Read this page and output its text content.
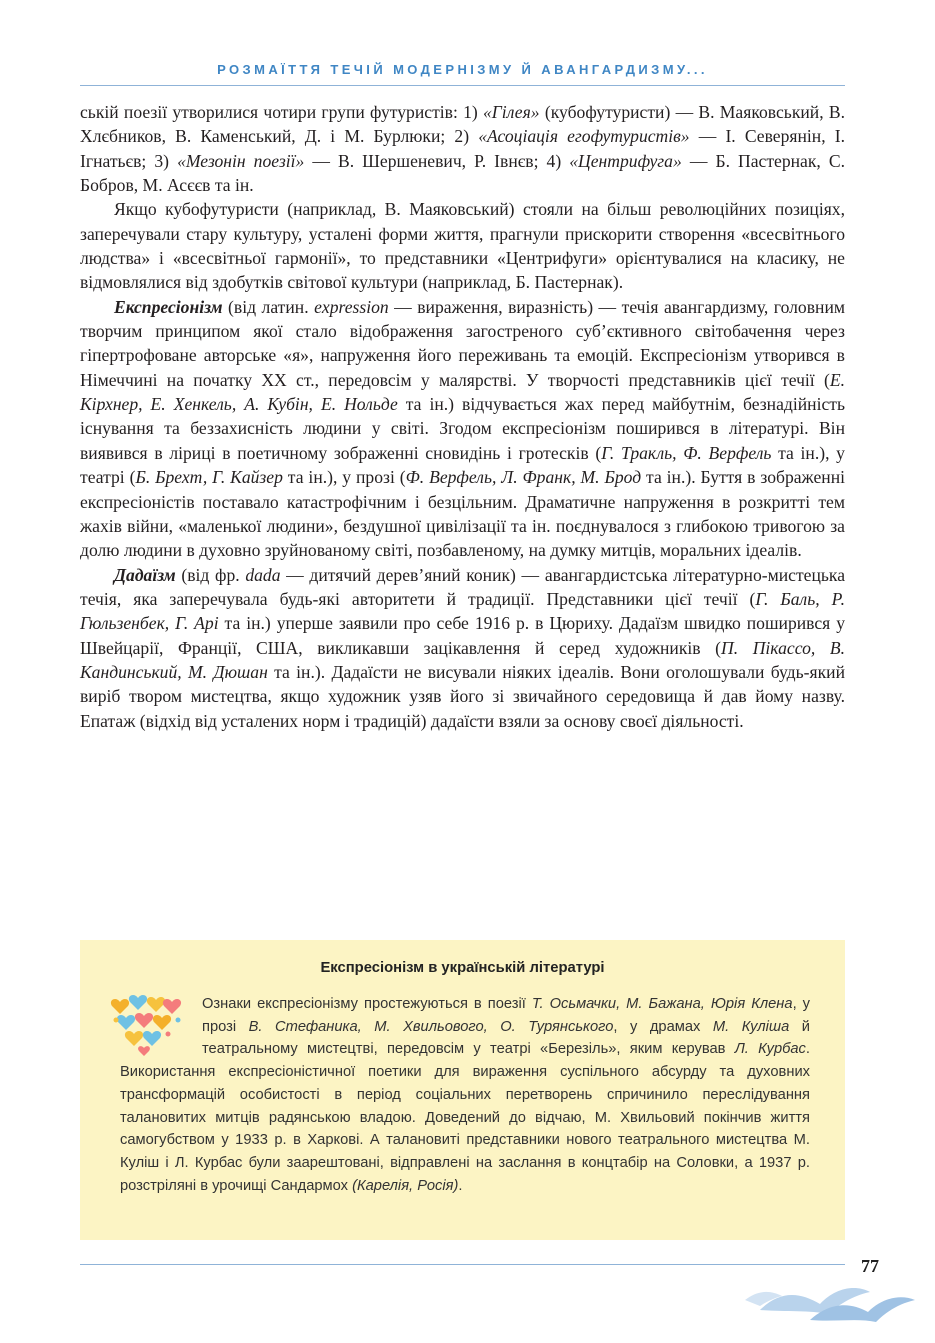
РОЗМАЇТТЯ ТЕЧІЙ МОДЕРНІЗМУ Й АВАНГАРДИЗМУ...

ській поезії утворилися чотири групи футуристів: 1) «Гілея» (кубофутуристи) — В. Маяковський, В. Хлєбников, В. Каменський, Д. і М. Бурлюки; 2) «Асоціація егофутуристів» — І. Северянін, І. Ігнатьєв; 3) «Мезонін поезії» — В. Шершеневич, Р. Івнєв; 4) «Центрифуга» — Б. Пастернак, С. Бобров, М. Асєєв та ін.

Якщо кубофутуристи (наприклад, В. Маяковський) стояли на більш революційних позиціях, заперечували стару культуру, усталені форми життя, прагнули прискорити створення «всесвітнього людства» і «всесвітньої гармонії», то представники «Центрифуги» орієнтувалися на класику, не відмовлялися від здобутків світової культури (наприклад, Б. Пастернак).

Експресіонізм (від латин. expression — вираження, виразність) — течія авангардизму, головним творчим принципом якої стало відображення загостреного суб’єктивного світобачення через гіпертрофоване авторське «я», напруження його переживань та емоцій. Експресіонізм утворився в Німеччині на початку XX ст., передовсім у малярстві. У творчості представників цієї течії (Е. Кірхнер, Е. Хенкель, А. Кубін, Е. Нольде та ін.) відчувається жах перед майбутнім, безнадійність існування та беззахисність людини у світі. Згодом експресіонізм поширився в літературі. Він виявився в ліриці в поетичному зображенні сновидінь і гротесків (Г. Тракль, Ф. Верфель та ін.), у театрі (Б. Брехт, Г. Кайзер та ін.), у прозі (Ф. Верфель, Л. Франк, М. Брод та ін.). Буття в зображенні експресіоністів поставало катастрофічним і безцільним. Драматичне напруження в розкритті тем жахів війни, «маленької людини», бездушної цивілізації та ін. поєднувалося з глибокою тривогою за долю людини в духовно зруйнованому світі, позбавленому, на думку митців, моральних ідеалів.

Дадаїзм (від фр. dada — дитячий дерев’яний коник) — авангардистська літературно-мистецька течія, яка заперечувала будь-які авторитети й традиції. Представники цієї течії (Г. Баль, Р. Гюльзенбек, Г. Арі та ін.) уперше заявили про себе 1916 р. в Цюриху. Дадаїзм швидко поширився у Швейцарії, Франції, США, викликавши зацікавлення й серед художників (П. Пікассо, В. Кандинський, М. Дюшан та ін.). Дадаїсти не висували ніяких ідеалів. Вони оголошували будь-який виріб твором мистецтва, якщо художник узяв його зі звичайного середовища й дав йому назву. Епатаж (відхід від усталених норм і традицій) дадаїсти взяли за основу своєї діяльності.

Експресіонізм в українській літературі
Ознаки експресіонізму простежуються в поезії Т. Осьмачки, М. Бажана, Юрія Клена, у прозі В. Стефаника, М. Хвильового, О. Турянського, у драмах М. Куліша й театральному мистецтві, передовсім у театрі «Березіль», яким керував Л. Курбас. Використання експресіоністичної поетики для вираження суспільного абсурду та духовних трансформацій особистості в період соціальних перетворень спричинило переслідування талановитих митців радянською владою. Доведений до відчаю, М. Хвильовий покінчив життя самогубством у 1933 р. в Харкові. А талановиті представники нового театрального мистецтва М. Куліш і Л. Курбас були заарештовані, відправлені на заслання в концтабір на Соловки, а 1937 р. розстріляні в урочищі Сандармох (Карелія, Росія).
77
